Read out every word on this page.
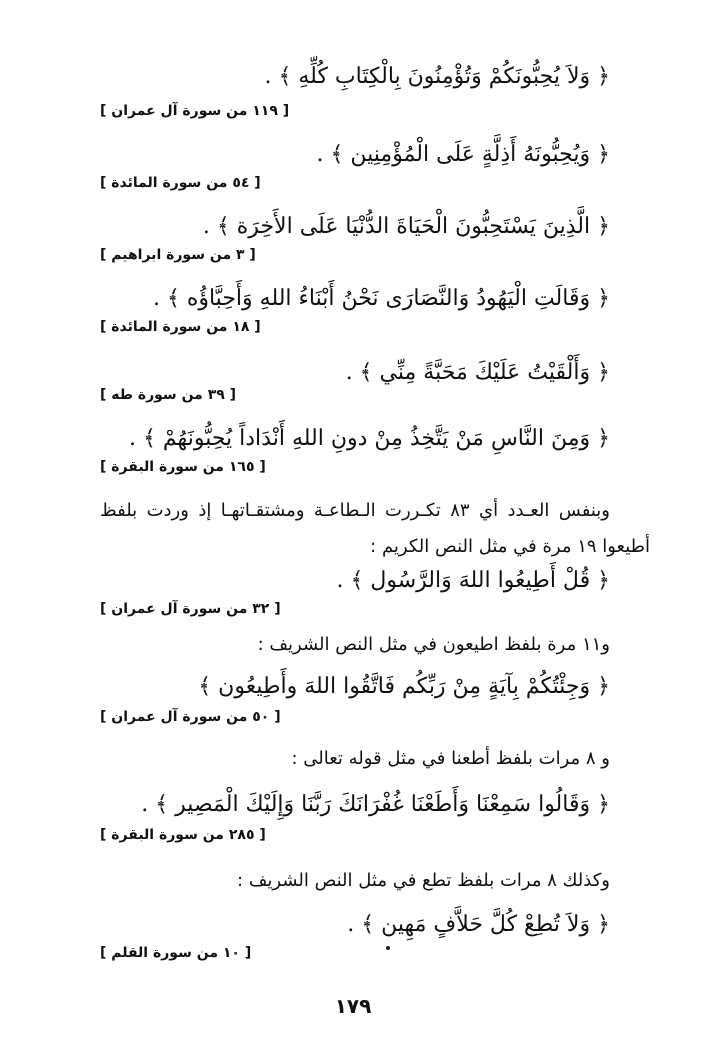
﴿ وَلاَ يُحِبُّونَكُمْ وَتُؤْمِنُونَ بِالْكِتَابِ كُلِّهِ ﴾ .
[ ١١٩ من سورة آل عمران ]
﴿ وَيُحِبُّونَهُ أَذِلَّةٍ عَلَى الْمُؤْمِنِين ﴾ .
[ ٥٤ من سورة المائدة ]
﴿ الَّذِينَ يَسْتَحِبُّونَ الْحَيَاةَ الدُّنْيَا عَلَى الأَخِرَة ﴾ .
[ ٣ من سورة ابراهيم ]
﴿ وَقَالَتِ الْيَهُودُ وَالنَّصَارَى نَحْنُ أَبْنَاءُ اللهِ وَأَحِبَّاؤُه ﴾ .
[ ١٨ من سورة المائدة ]
﴿ وَأَلْقَيْتُ عَلَيْكَ مَحَبَّةً مِنِّي ﴾ .
[ ٣٩ من سورة طه ]
﴿ وَمِنَ النَّاسِ مَنْ يَتَّخِذُ مِنْ دونِ اللهِ أَنْدَاداً يُحِبُّونَهُمْ ﴾ .
[ ١٦٥ من سورة البقرة ]
وبنفس العـدد أي ٨٣ تكـررت الـطاعـة ومشتقـاتهـا إذ وردت بلفظ
أطيعوا ١٩ مرة في مثل النص الكريم :
﴿ قُلْ أَطِيعُوا اللهَ وَالرَّسُول ﴾ .
[ ٣٢ من سورة آل عمران ]
و١١ مرة بلفظ اطيعون في مثل النص الشريف :
﴿ وَجِئْتُكُمْ بِآيَةٍ مِنْ رَبِّكُم فَاتَّقُوا اللهَ وأَطِيعُون ﴾
[ ٥٠ من سورة آل عمران ]
و ٨ مرات بلفظ أطعنا في مثل قوله تعالى :
﴿ وَقَالُوا سَمِعْنَا وَأَطَعْنَا غُفْرَانَكَ رَبَّنَا وَإِلَيْكَ الْمَصِير ﴾ .
[ ٢٨٥ من سورة البقرة ]
وكذلك ٨ مرات بلفظ تطع في مثل النص الشريف :
﴿ وَلاَ تُطِعْ كُلَّ حَلاَّفٍ مَهِين ﴾ .
[ ١٠ من سورة القلم ]
١٧٩
